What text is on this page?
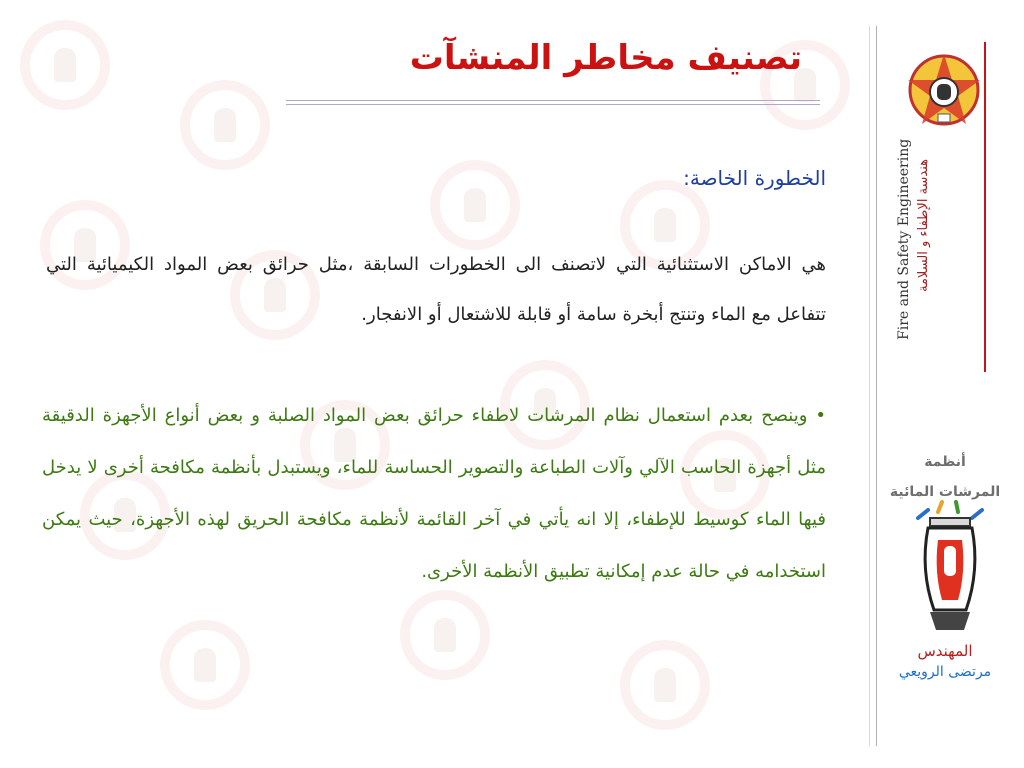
تصنيف مخاطر المنشآت
الخطورة الخاصة:
هي الاماكن الاستثنائية التي لاتصنف الى الخطورات السابقة ،مثل حرائق بعض المواد الكيميائية التي تتفاعل مع الماء وتنتج أبخرة سامة أو قابلة للاشتعال أو الانفجار.
• وينصح بعدم استعمال نظام المرشات لاطفاء حرائق بعض المواد الصلبة و بعض أنواع الأجهزة الدقيقة مثل أجهزة الحاسب الآلي وآلات الطباعة والتصوير الحساسة للماء، ويستبدل بأنظمة مكافحة أخرى لا يدخل فيها الماء كوسيط للإطفاء، إلا انه يأتي في آخر القائمة لأنظمة مكافحة الحريق لهذه الأجهزة، حيث يمكن استخدامه في حالة عدم إمكانية تطبيق الأنظمة الأخرى.
Fire and Safety Engineering هندسة الإطفاء و السلامة
أنظمة
المرشات المائية
المهندس
مرتضى الرويعي
